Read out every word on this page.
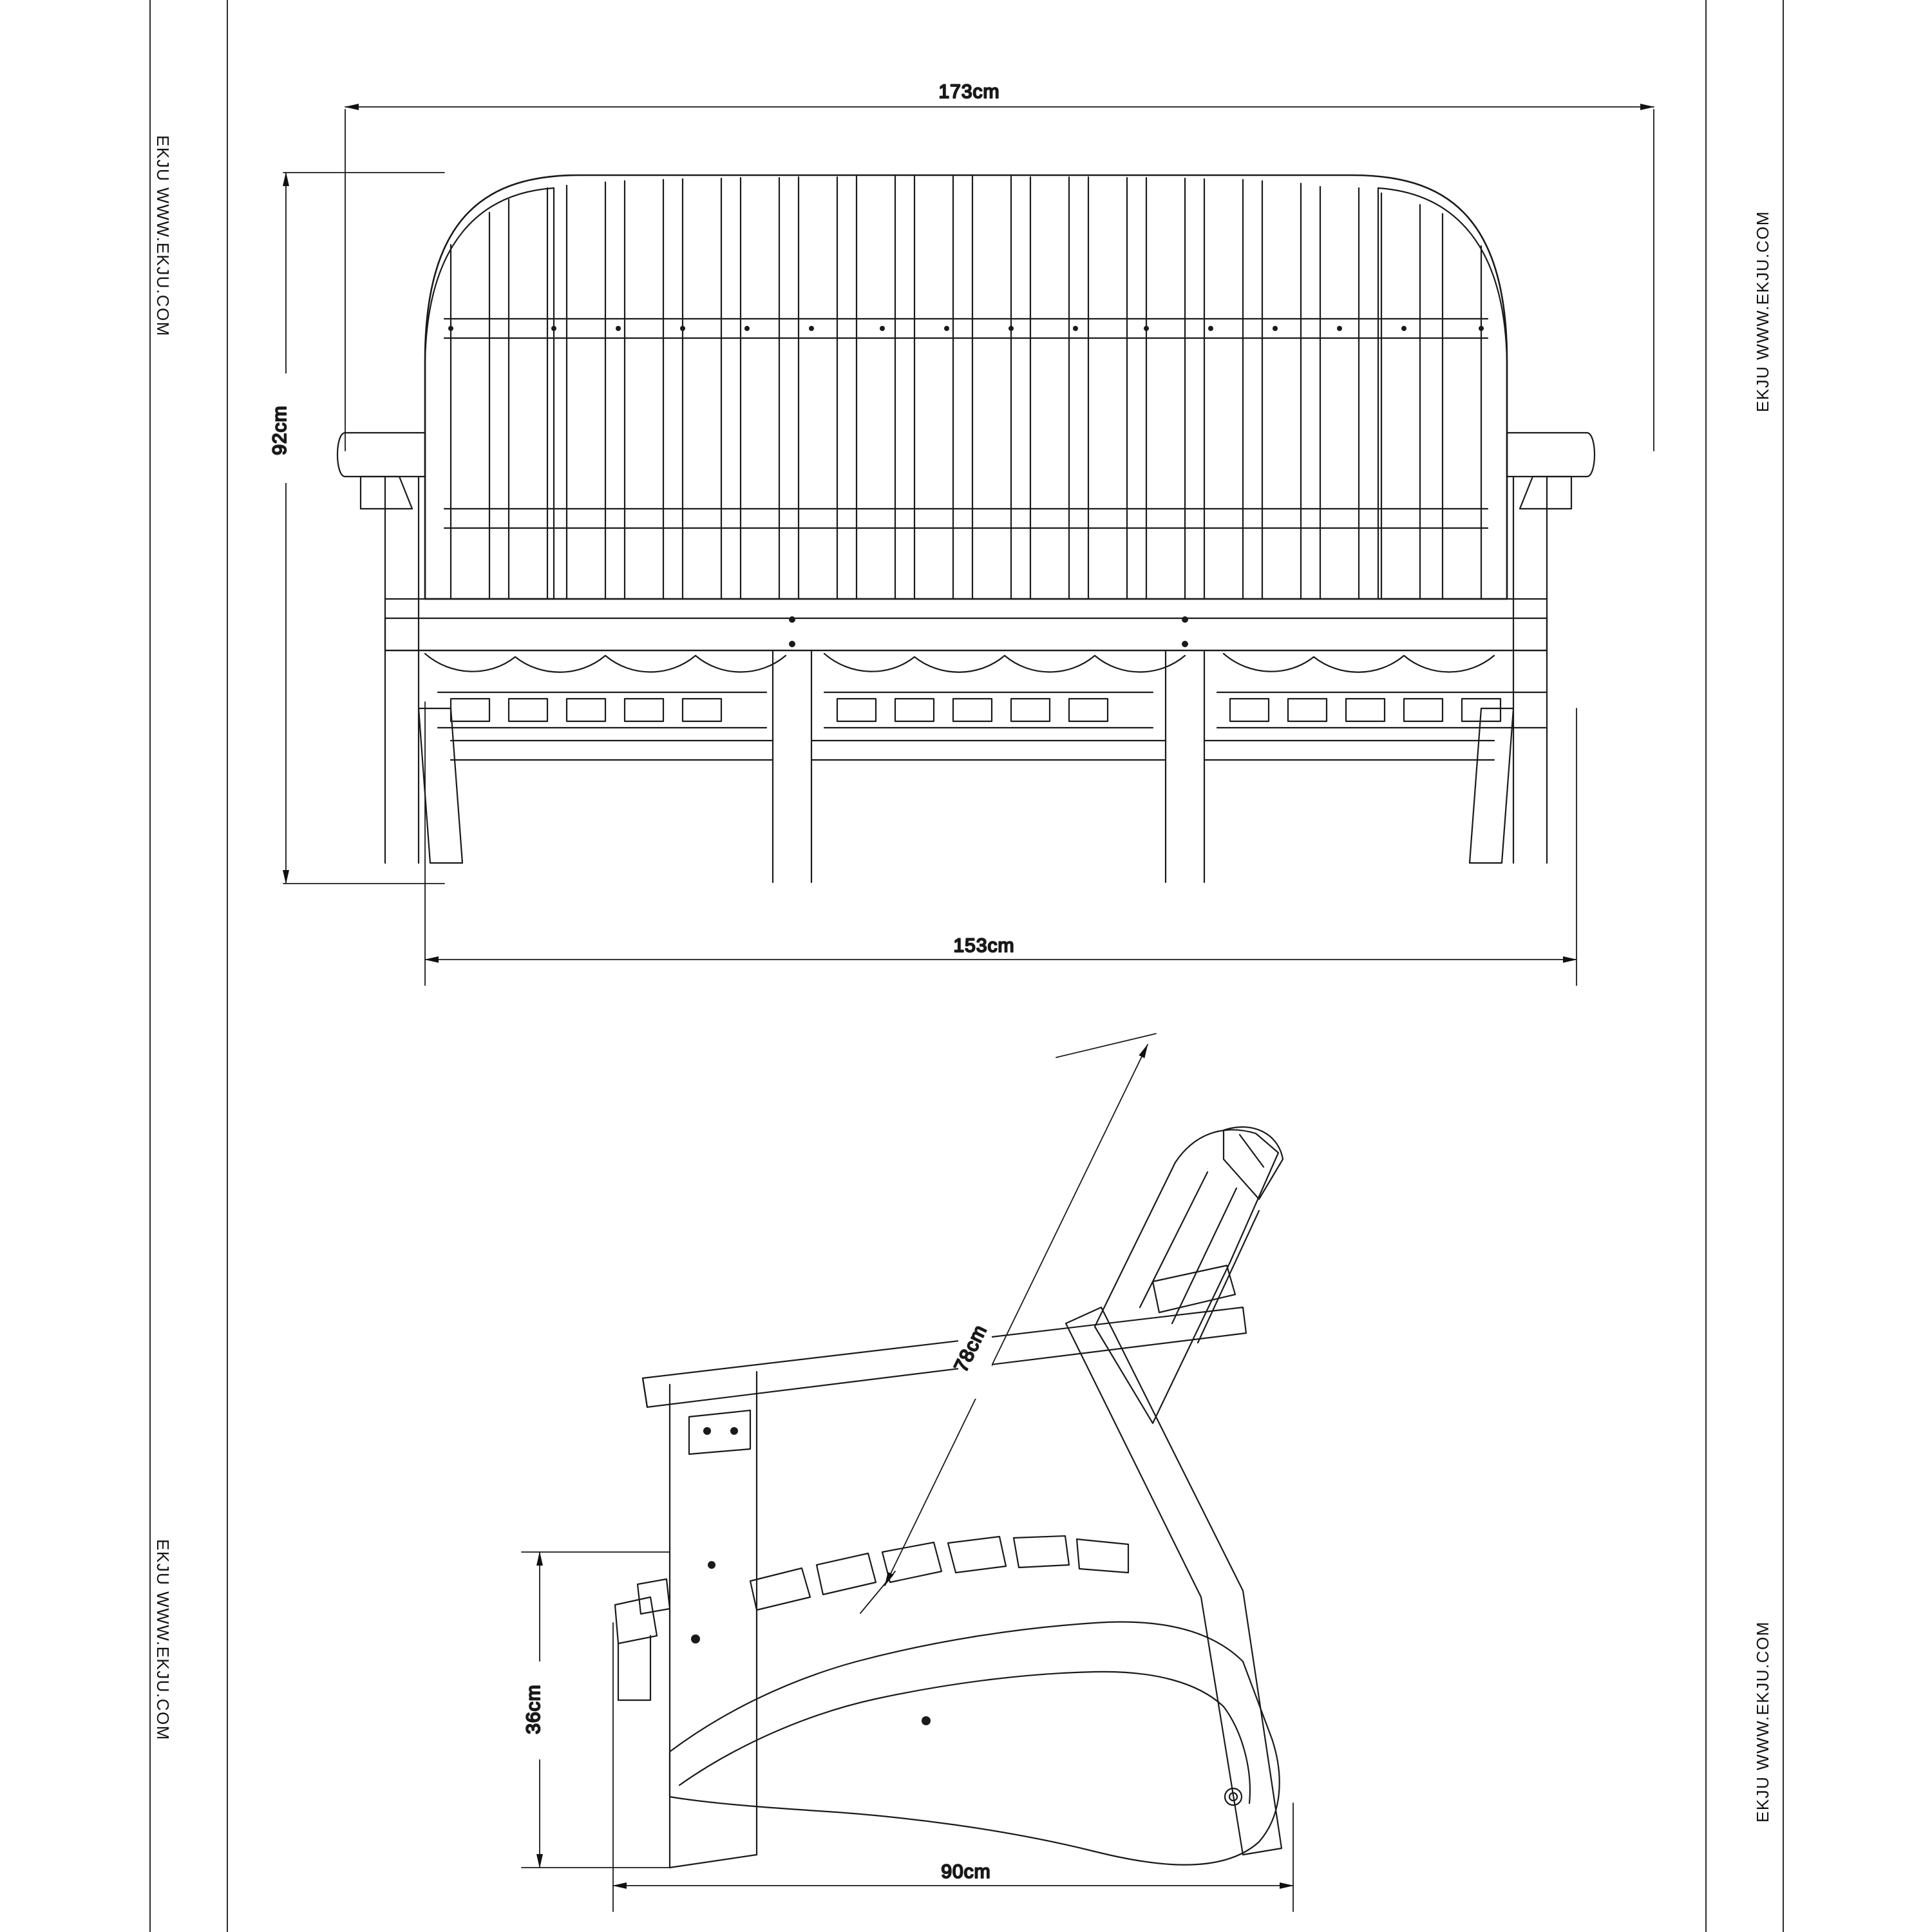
EKJU WWW.EKJU.COM
EKJU WWW.EKJU.COM
EKJU WWW.EKJU.COM
EKJU WWW.EKJU.COM
173cm
92cm
153cm
78cm
36cm
90cm
